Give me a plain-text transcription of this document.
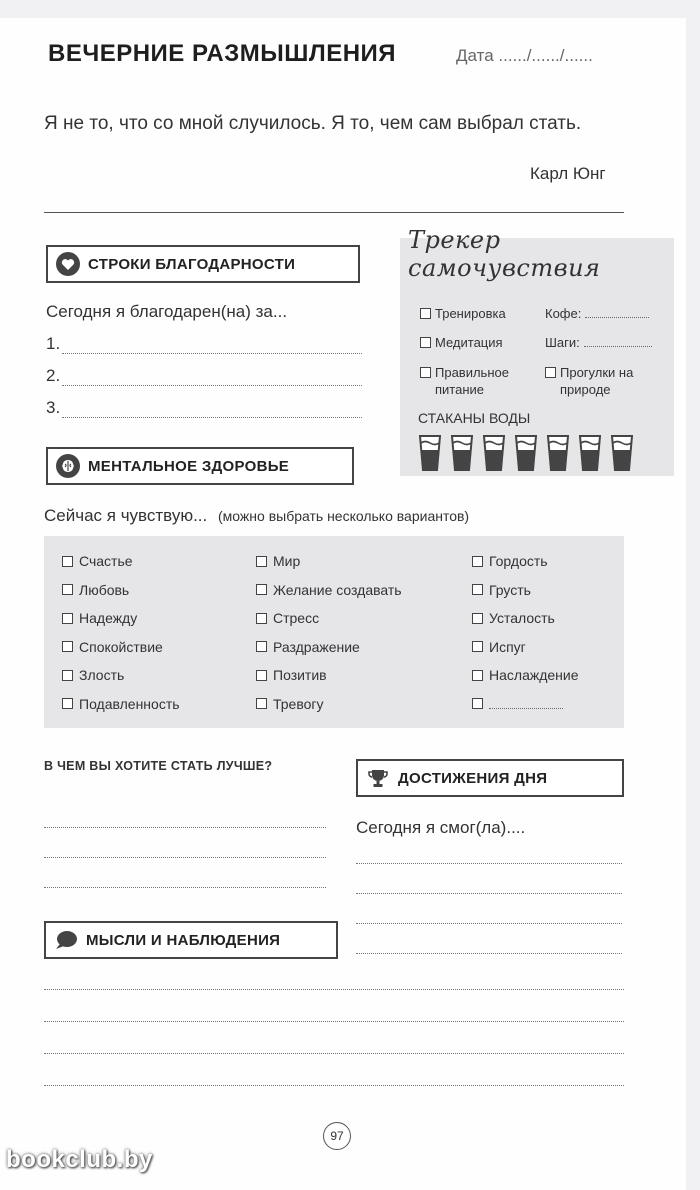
ВЕЧЕРНИЕ РАЗМЫШЛЕНИЯ	Дата ....../....../......
Я не то, что со мной случилось. Я то, чем сам выбрал стать.
Карл Юнг
СТРОКИ БЛАГОДАРНОСТИ
Сегодня я благодарен(на) за...
1.
2.
3.
Трекер самочувствия
Тренировка
Медитация
Правильное питание
Кофе:
Шаги:
Прогулки на природе
СТАКАНЫ ВОДЫ
МЕНТАЛЬНОЕ ЗДОРОВЬЕ
Сейчас я чувствую... (можно выбрать несколько вариантов)
Счастье
Любовь
Надежду
Спокойствие
Злость
Подавленность
Мир
Желание создавать
Стресс
Раздражение
Позитив
Тревогу
Гордость
Грусть
Усталость
Испуг
Наслаждение
В ЧЕМ ВЫ ХОТИТЕ СТАТЬ ЛУЧШЕ?
ДОСТИЖЕНИЯ ДНЯ
Сегодня я смог(ла)....
МЫСЛИ И НАБЛЮДЕНИЯ
97
bookclub.by
